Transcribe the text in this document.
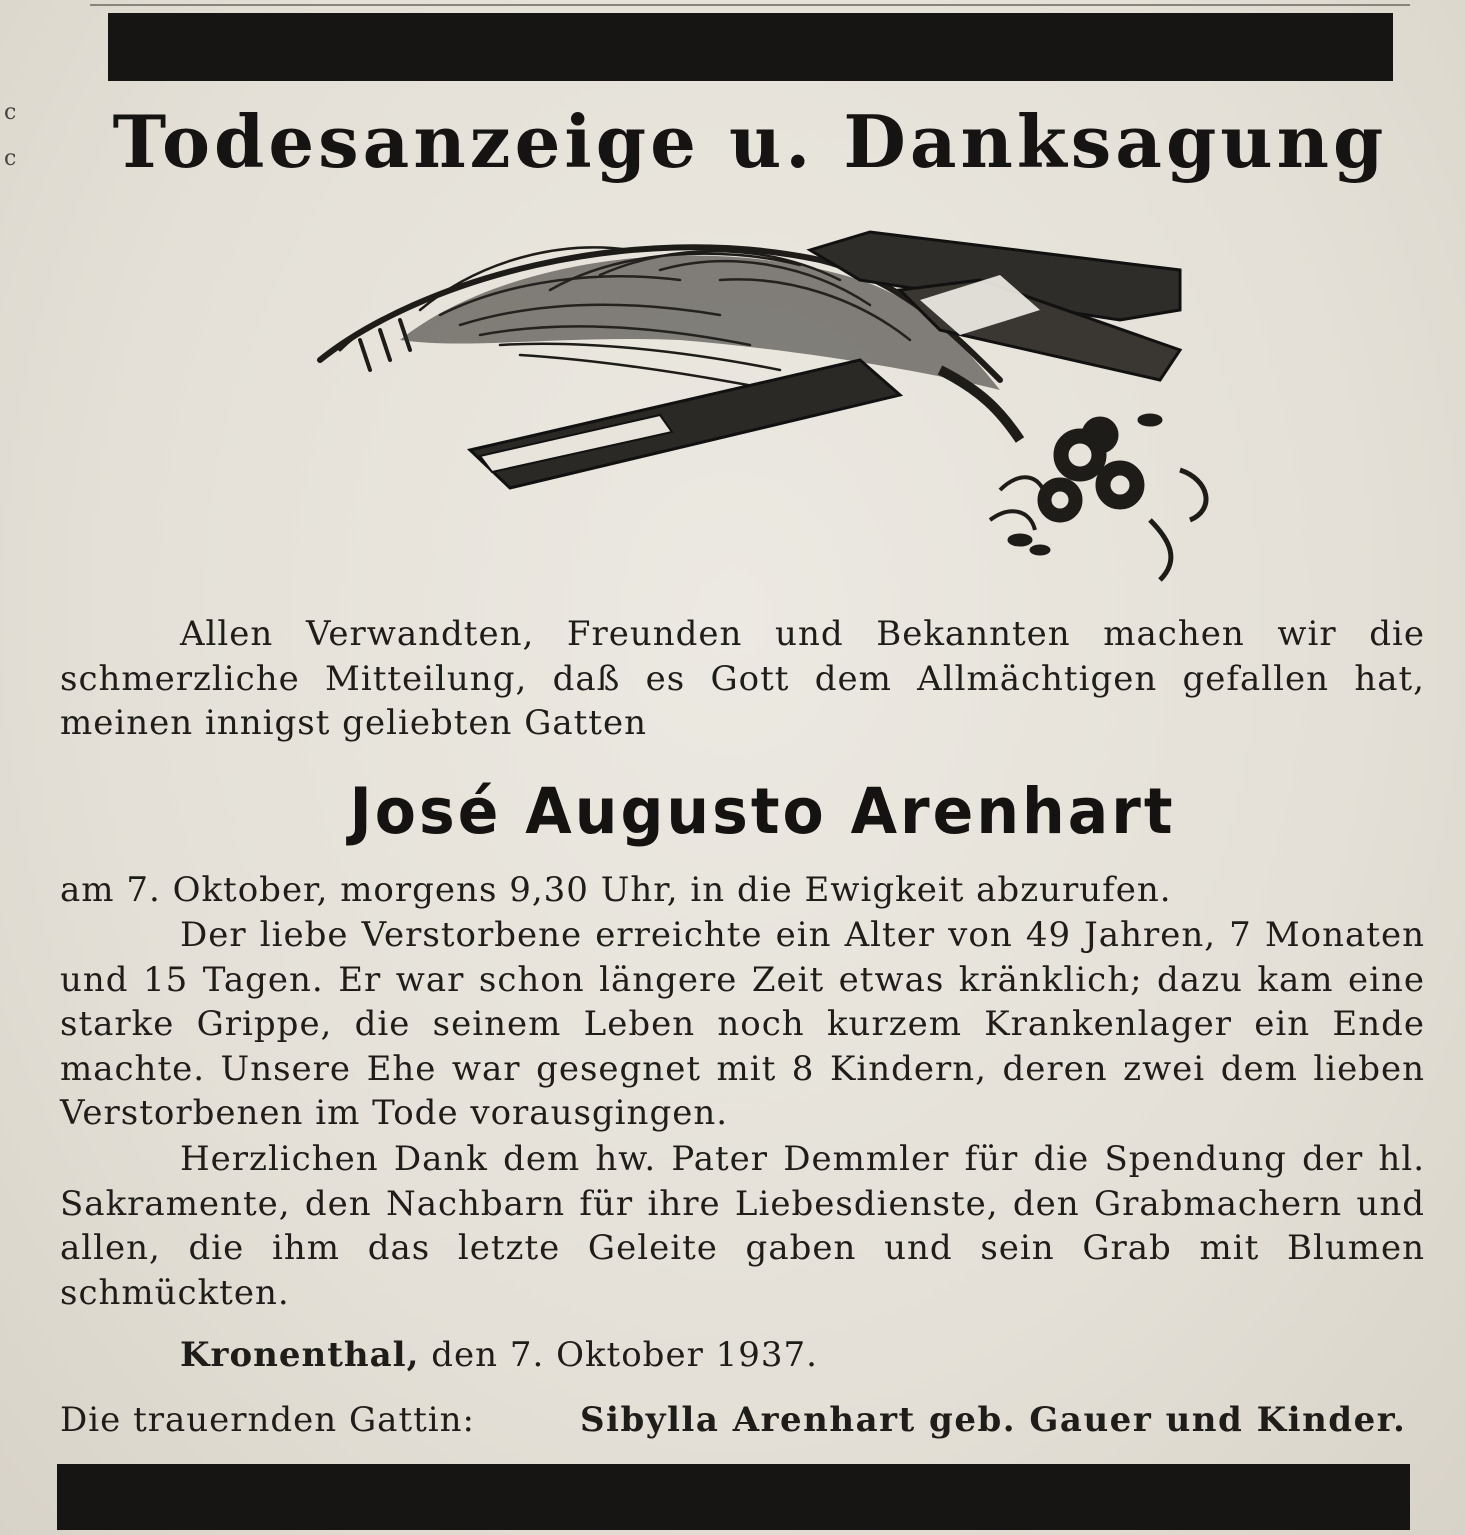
c
c Todesanzeige u. Danksagung
Allen Verwandten, Freunden und Bekannten machen wir die schmerzliche Mitteilung, daß es Gott dem Allmächtigen gefallen hat, meinen innigst geliebten Gatten
José Augusto Arenhart
am 7. Oktober, morgens 9,30 Uhr, in die Ewigkeit abzurufen.
Der liebe Verstorbene erreichte ein Alter von 49 Jahren, 7 Monaten und 15 Tagen. Er war schon längere Zeit etwas kränklich; dazu kam eine starke Grippe, die seinem Leben noch kurzem Krankenlager ein Ende machte. Unsere Ehe war gesegnet mit 8 Kindern, deren zwei dem lieben Verstorbenen im Tode vorausgingen.
Herzlichen Dank dem hw. Pater Demmler für die Spendung der hl. Sakramente, den Nachbarn für ihre Liebesdienste, den Grabmachern und allen, die ihm das letzte Geleite gaben und sein Grab mit Blumen schmückten.
Kronenthal, den 7. Oktober 1937.
Die trauernden Gattin:	Sibylla Arenhart geb. Gauer und Kinder.
